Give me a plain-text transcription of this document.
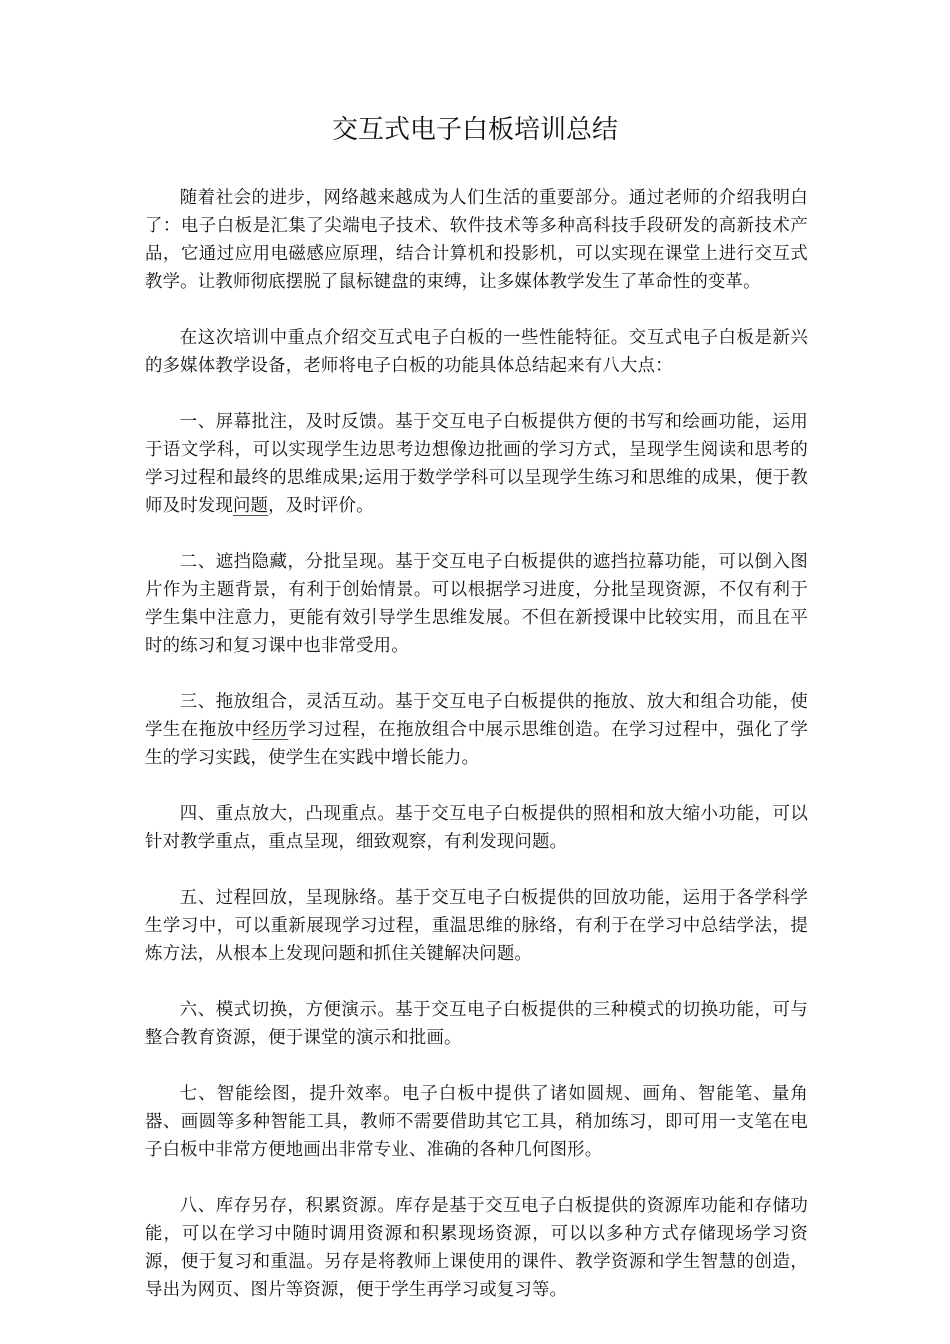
交互式电子白板培训总结

随着社会的进步，网络越来越成为人们生活的重要部分。通过老师的介绍我明白了：电子白板是汇集了尖端电子技术、软件技术等多种高科技手段研发的高新技术产品，它通过应用电磁感应原理，结合计算机和投影机，可以实现在课堂上进行交互式教学。让教师彻底摆脱了鼠标键盘的束缚，让多媒体教学发生了革命性的变革。

在这次培训中重点介绍交互式电子白板的一些性能特征。交互式电子白板是新兴的多媒体教学设备，老师将电子白板的功能具体总结起来有八大点：

一、屏幕批注，及时反馈。基于交互电子白板提供方便的书写和绘画功能，运用于语文学科，可以实现学生边思考边想像边批画的学习方式，呈现学生阅读和思考的学习过程和最终的思维成果;运用于数学学科可以呈现学生练习和思维的成果，便于教师及时发现问题，及时评价。

二、遮挡隐藏，分批呈现。基于交互电子白板提供的遮挡拉幕功能，可以倒入图片作为主题背景，有利于创始情景。可以根据学习进度，分批呈现资源，不仅有利于学生集中注意力，更能有效引导学生思维发展。不但在新授课中比较实用，而且在平时的练习和复习课中也非常受用。

三、拖放组合，灵活互动。基于交互电子白板提供的拖放、放大和组合功能，使学生在拖放中经历学习过程，在拖放组合中展示思维创造。在学习过程中，强化了学生的学习实践，使学生在实践中增长能力。

四、重点放大，凸现重点。基于交互电子白板提供的照相和放大缩小功能，可以针对教学重点，重点呈现，细致观察，有利发现问题。

五、过程回放，呈现脉络。基于交互电子白板提供的回放功能，运用于各学科学生学习中，可以重新展现学习过程，重温思维的脉络，有利于在学习中总结学法，提炼方法，从根本上发现问题和抓住关键解决问题。

六、模式切换，方便演示。基于交互电子白板提供的三种模式的切换功能，可与整合教育资源，便于课堂的演示和批画。

七、智能绘图，提升效率。电子白板中提供了诸如圆规、画角、智能笔、量角器、画圆等多种智能工具，教师不需要借助其它工具，稍加练习，即可用一支笔在电子白板中非常方便地画出非常专业、准确的各种几何图形。

八、库存另存，积累资源。库存是基于交互电子白板提供的资源库功能和存储功能，可以在学习中随时调用资源和积累现场资源，可以以多种方式存储现场学习资源，便于复习和重温。另存是将教师上课使用的课件、教学资源和学生智慧的创造，导出为网页、图片等资源，便于学生再学习或复习等。
